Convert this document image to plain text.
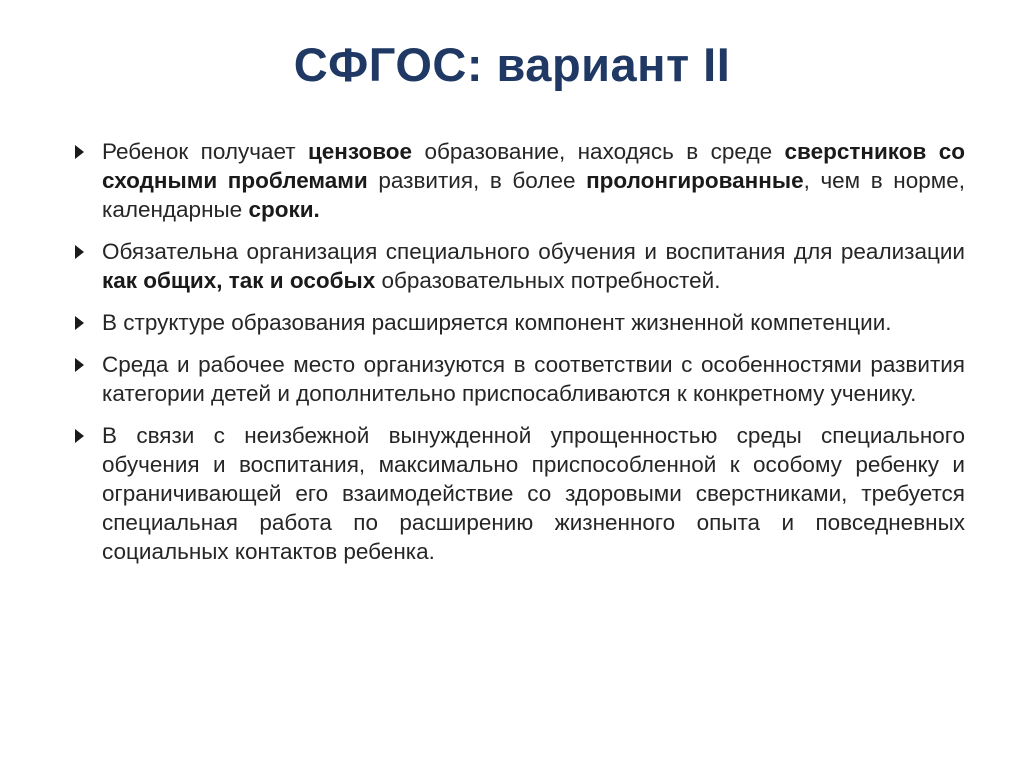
СФГОС: вариант II
Ребенок получает цензовое образование, находясь в среде сверстников со сходными проблемами развития, в более пролонгированные, чем в норме, календарные сроки.
Обязательна организация специального обучения и воспитания для реализации как общих, так и особых образовательных потребностей.
В структуре образования расширяется компонент жизненной компетенции.
Среда и рабочее место организуются в соответствии с особенностями развития категории детей и дополнительно приспосабливаются к конкретному ученику.
В связи с неизбежной вынужденной упрощенностью среды специального обучения и воспитания, максимально приспособленной к особому ребенку и ограничивающей его взаимодействие со здоровыми сверстниками, требуется специальная работа по расширению жизненного опыта и повседневных социальных контактов ребенка.
